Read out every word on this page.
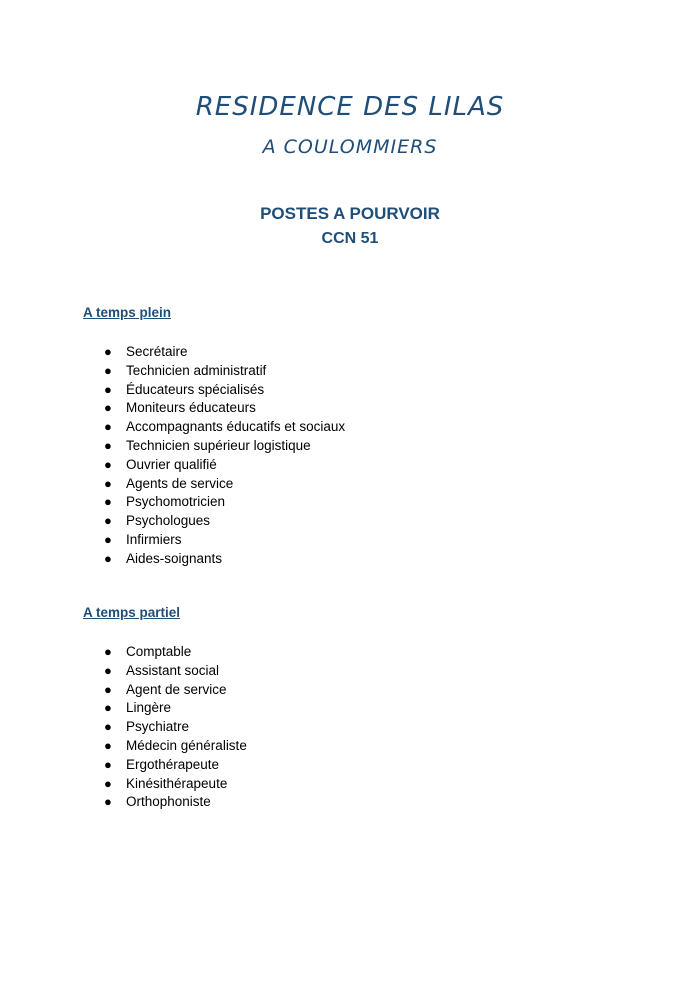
RESIDENCE DES LILAS
A COULOMMIERS
POSTES A POURVOIR
CCN 51
A temps plein
● Secrétaire
● Technicien administratif
● Éducateurs spécialisés
● Moniteurs éducateurs
● Accompagnants éducatifs et sociaux
● Technicien supérieur logistique
● Ouvrier qualifié
● Agents de service
● Psychomotricien
● Psychologues
● Infirmiers
● Aides-soignants
A temps partiel
● Comptable
● Assistant social
● Agent de service
● Lingère
● Psychiatre
● Médecin généraliste
● Ergothérapeute
● Kinésithérapeute
● Orthophoniste
